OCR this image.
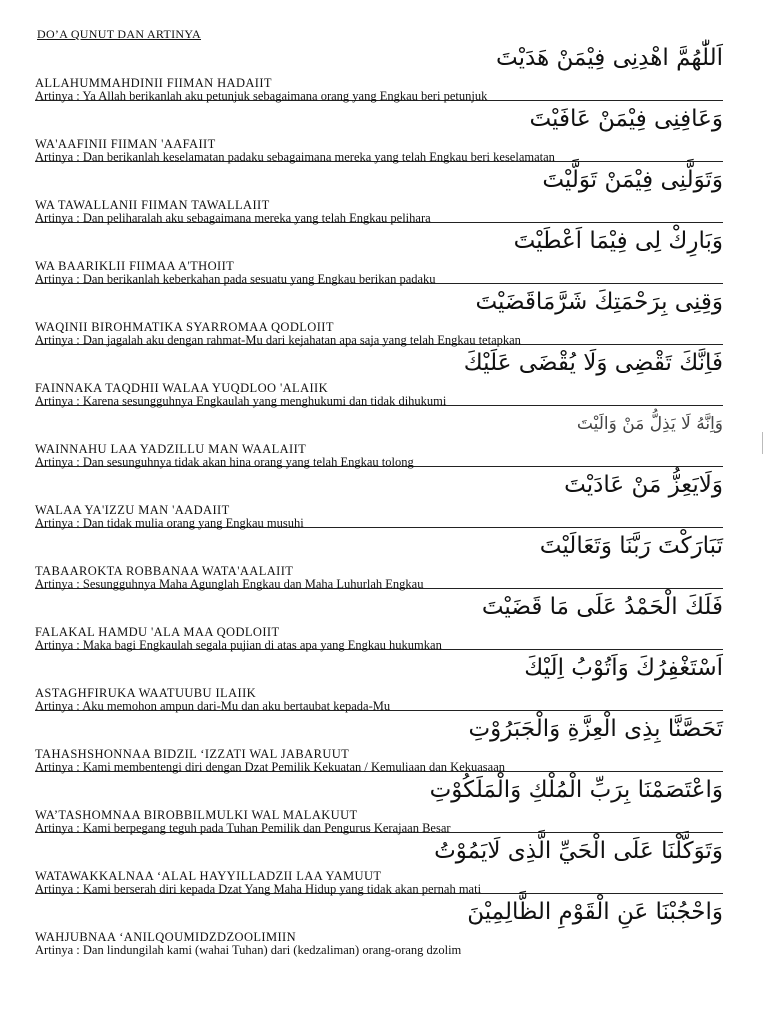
DO’A QUNUT DAN ARTINYA
اَللّٰهُمَّ اهْدِنِى فِيْمَنْ هَدَيْتَ
ALLAHUMMAHDINII FIIMAN HADAIIT
Artinya : Ya Allah berikanlah aku petunjuk sebagaimana orang yang Engkau beri petunjuk
وَعَافِنِى فِيْمَنْ عَافَيْتَ
WA'AAFINII FIIMAN 'AAFAIIT
Artinya : Dan berikanlah keselamatan padaku sebagaimana mereka yang telah Engkau beri keselamatan
وَتَوَلَّنِى فِيْمَنْ تَوَلَّيْتَ
WA TAWALLANII FIIMAN TAWALLAIIT
Artinya : Dan peliharalah aku sebagaimana mereka yang telah Engkau pelihara
وَبَارِكْ لِى فِيْمَا اَعْطَيْتَ
WA BAARIKLII FIIMAA A'THOIIT
Artinya : Dan berikanlah keberkahan pada sesuatu yang Engkau berikan padaku
وَقِنِى بِرَحْمَتِكَ شَرَّمَاقَضَيْتَ
WAQINII BIROHMATIKA SYARROMAA QODLOIIT
Artinya : Dan jagalah aku dengan rahmat-Mu dari kejahatan apa saja yang telah Engkau tetapkan
فَاِنَّكَ تَقْضِى وَلَا يُقْضَى عَلَيْكَ
FAINNAKA TAQDHII WALAA YUQDLOO 'ALAIIK
Artinya : Karena sesungguhnya Engkaulah yang menghukumi dan tidak dihukumi
وَاِنَّهُ لَا يَذِلُّ مَنْ وَالَيْتَ
WAINNAHU LAA YADZILLU MAN WAALAIIT
Artinya : Dan sesunguhnya tidak akan hina orang yang telah Engkau tolong
وَلَايَعِزُّ مَنْ عَادَيْتَ
WALAA YA'IZZU MAN 'AADAIIT
Artinya : Dan tidak mulia orang yang Engkau musuhi
تَبَارَكْتَ رَبَّنَا وَتَعَالَيْتَ
TABAAROKTA ROBBANAA WATA'AALAIIT
Artinya : Sesungguhnya Maha Agunglah Engkau dan Maha Luhurlah Engkau
فَلَكَ الْحَمْدُ عَلَى مَا قَضَيْتَ
FALAKAL HAMDU 'ALA MAA QODLOIIT
Artinya : Maka bagi Engkaulah segala pujian di atas apa yang Engkau hukumkan
اَسْتَغْفِرُكَ وَاَتُوْبُ اِلَيْكَ
ASTAGHFIRUKA WAATUUBU ILAIIK
Artinya : Aku memohon ampun dari-Mu dan aku bertaubat kepada-Mu
تَحَصَّنَّا بِذِى الْعِزَّةِ وَالْجَبَرُوْتِ
TAHASHSHONNAA BIDZIL ‘IZZATI WAL JABARUUT
Artinya : Kami membentengi diri dengan Dzat Pemilik Kekuatan / Kemuliaan dan Kekuasaan
وَاعْتَصَمْنَا بِرَبِّ الْمُلْكِ وَالْمَلَكُوْتِ
WA’TASHOMNAA BIROBBILMULKI WAL MALAKUUT
Artinya : Kami berpegang teguh pada Tuhan Pemilik dan Pengurus Kerajaan Besar
وَتَوَكَّلْنَا عَلَى الْحَيِّ الَّذِى لَايَمُوْتُ
WATAWAKKALNAA ‘ALAL HAYYILLADZII LAA YAMUUT
Artinya : Kami berserah diri kepada Dzat Yang Maha Hidup yang tidak akan pernah mati
وَاحْجُبْنَا عَنِ الْقَوْمِ الظَّالِمِيْنَ
WAHJUBNAA ‘ANILQOUMIDZDZOOLIMIIN
Artinya : Dan lindungilah kami (wahai Tuhan) dari (kedzaliman) orang-orang dzolim
